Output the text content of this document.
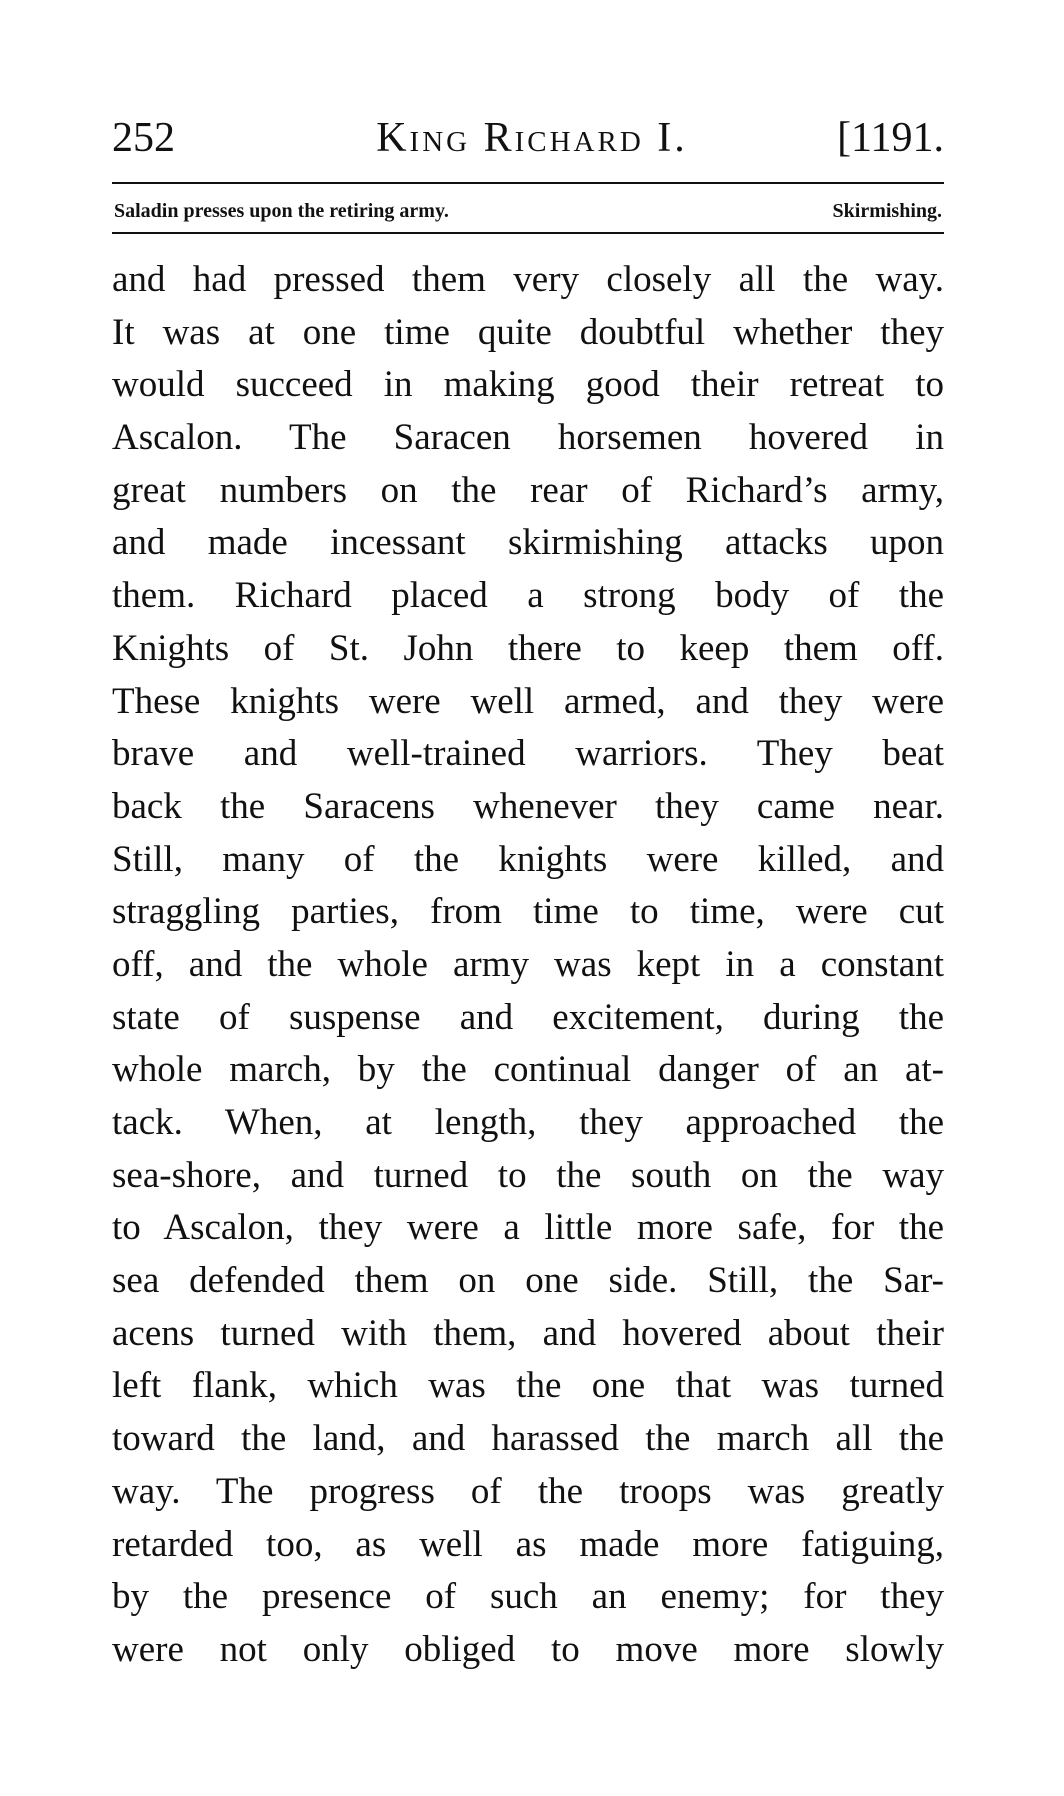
252	King Richard I.	[1191.
Saladin presses upon the retiring army.	Skirmishing.
and had pressed them very closely all the way.
It was at one time quite doubtful whether they
would succeed in making good their retreat to
Ascalon. The Saracen horsemen hovered in
great numbers on the rear of Richard’s army,
and made incessant skirmishing attacks upon
them. Richard placed a strong body of the
Knights of St. John there to keep them off.
These knights were well armed, and they were
brave and well-trained warriors. They beat
back the Saracens whenever they came near.
Still, many of the knights were killed, and
straggling parties, from time to time, were cut
off, and the whole army was kept in a constant
state of suspense and excitement, during the
whole march, by the continual danger of an at-
tack. When, at length, they approached the
sea-shore, and turned to the south on the way
to Ascalon, they were a little more safe, for the
sea defended them on one side. Still, the Sar-
acens turned with them, and hovered about their
left flank, which was the one that was turned
toward the land, and harassed the march all the
way. The progress of the troops was greatly
retarded too, as well as made more fatiguing,
by the presence of such an enemy; for they
were not only obliged to move more slowly
